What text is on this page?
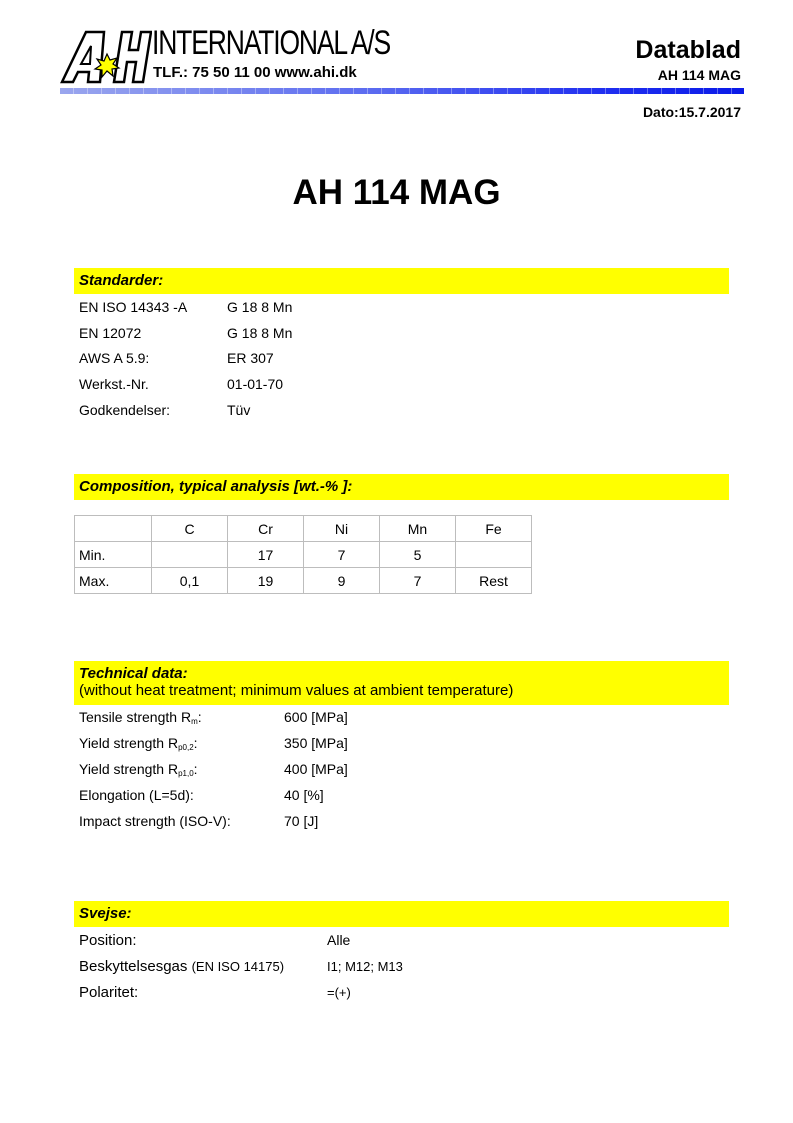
INTERNATIONAL A/S
TLF.: 75 50 11 00 www.ahi.dk
Datablad
AH 114 MAG
Dato:15.7.2017
AH 114 MAG
Standarder:
EN ISO 14343 -A	G 18 8 Mn
EN 12072	G 18 8 Mn
AWS A 5.9:	ER 307
Werkst.-Nr.	01-01-70
Godkendelser:	Tüv
Composition, typical analysis [wt.-% ]:
	C	Cr	Ni	Mn	Fe
Min.		17	7	5	
Max.	0,1	19	9	7	Rest
Technical data:
(without heat treatment; minimum values at ambient temperature)
Tensile strength $R_m$:	600 [MPa]
Yield strength $R_{p0,2}$:	350 [MPa]
Yield strength $R_{p1,0}$:	400 [MPa]
Elongation (L=5d):	40 [%]
Impact strength (ISO-V):	70 [J]
Svejse:
Position:	Alle
Beskyttelsesgas (EN ISO 14175)	I1; M12; M13
Polaritet:	=(+)
